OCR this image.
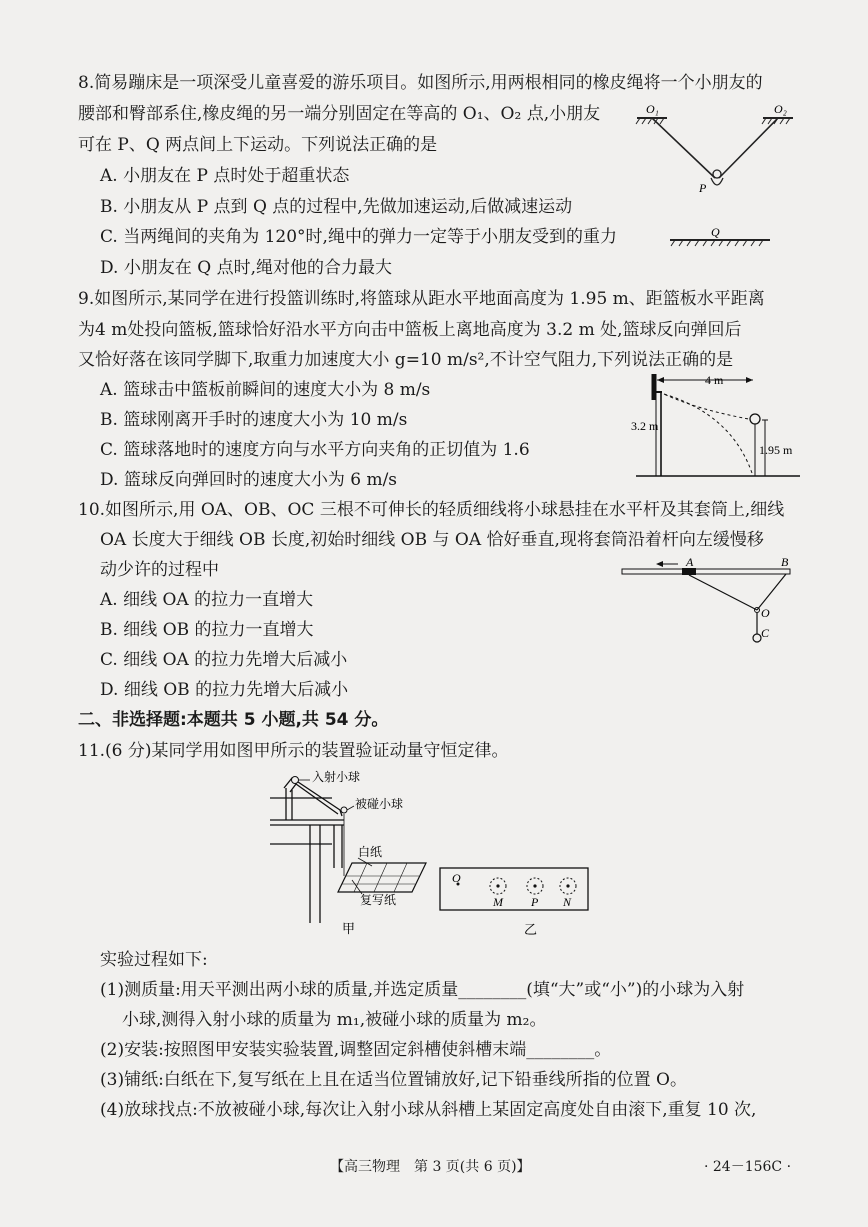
8.简易蹦床是一项深受儿童喜爱的游乐项目。如图所示,用两根相同的橡皮绳将一个小朋友的
腰部和臀部系住,橡皮绳的另一端分别固定在等高的 O₁、O₂ 点,小朋友
可在 P、Q 两点间上下运动。下列说法正确的是
A. 小朋友在 P 点时处于超重状态
B. 小朋友从 P 点到 Q 点的过程中,先做加速运动,后做减速运动
C. 当两绳间的夹角为 120°时,绳中的弹力一定等于小朋友受到的重力
D. 小朋友在 Q 点时,绳对他的合力最大
O₁	O₂
P
Q
9.如图所示,某同学在进行投篮训练时,将篮球从距水平地面高度为 1.95 m、距篮板水平距离
为4 m处投向篮板,篮球恰好沿水平方向击中篮板上离地高度为 3.2 m 处,篮球反向弹回后
又恰好落在该同学脚下,取重力加速度大小 g=10 m/s²,不计空气阻力,下列说法正确的是
A. 篮球击中篮板前瞬间的速度大小为 8 m/s
B. 篮球刚离开手时的速度大小为 10 m/s
C. 篮球落地时的速度方向与水平方向夹角的正切值为 1.6
D. 篮球反向弹回时的速度大小为 6 m/s
4 m
3.2 m
1.95 m
10.如图所示,用 OA、OB、OC 三根不可伸长的轻质细线将小球悬挂在水平杆及其套筒上,细线
OA 长度大于细线 OB 长度,初始时细线 OB 与 OA 恰好垂直,现将套筒沿着杆向左缓慢移
动少许的过程中
A. 细线 OA 的拉力一直增大
B. 细线 OB 的拉力一直增大
C. 细线 OA 的拉力先增大后减小
D. 细线 OB 的拉力先增大后减小
A	B
O
C
二、非选择题:本题共 5 小题,共 54 分。
11.(6 分)某同学用如图甲所示的装置验证动量守恒定律。
入射小球
被碰小球
白纸
复写纸
甲
O
M P N
乙
实验过程如下:
(1)测质量:用天平测出两小球的质量,并选定质量________(填“大”或“小”)的小球为入射
小球,测得入射小球的质量为 m₁,被碰小球的质量为 m₂。
(2)安装:按照图甲安装实验装置,调整固定斜槽使斜槽末端________。
(3)铺纸:白纸在下,复写纸在上且在适当位置铺放好,记下铅垂线所指的位置 O。
(4)放球找点:不放被碰小球,每次让入射小球从斜槽上某固定高度处自由滚下,重复 10 次,
【高三物理　第 3 页(共 6 页)】	· 24－156C ·
